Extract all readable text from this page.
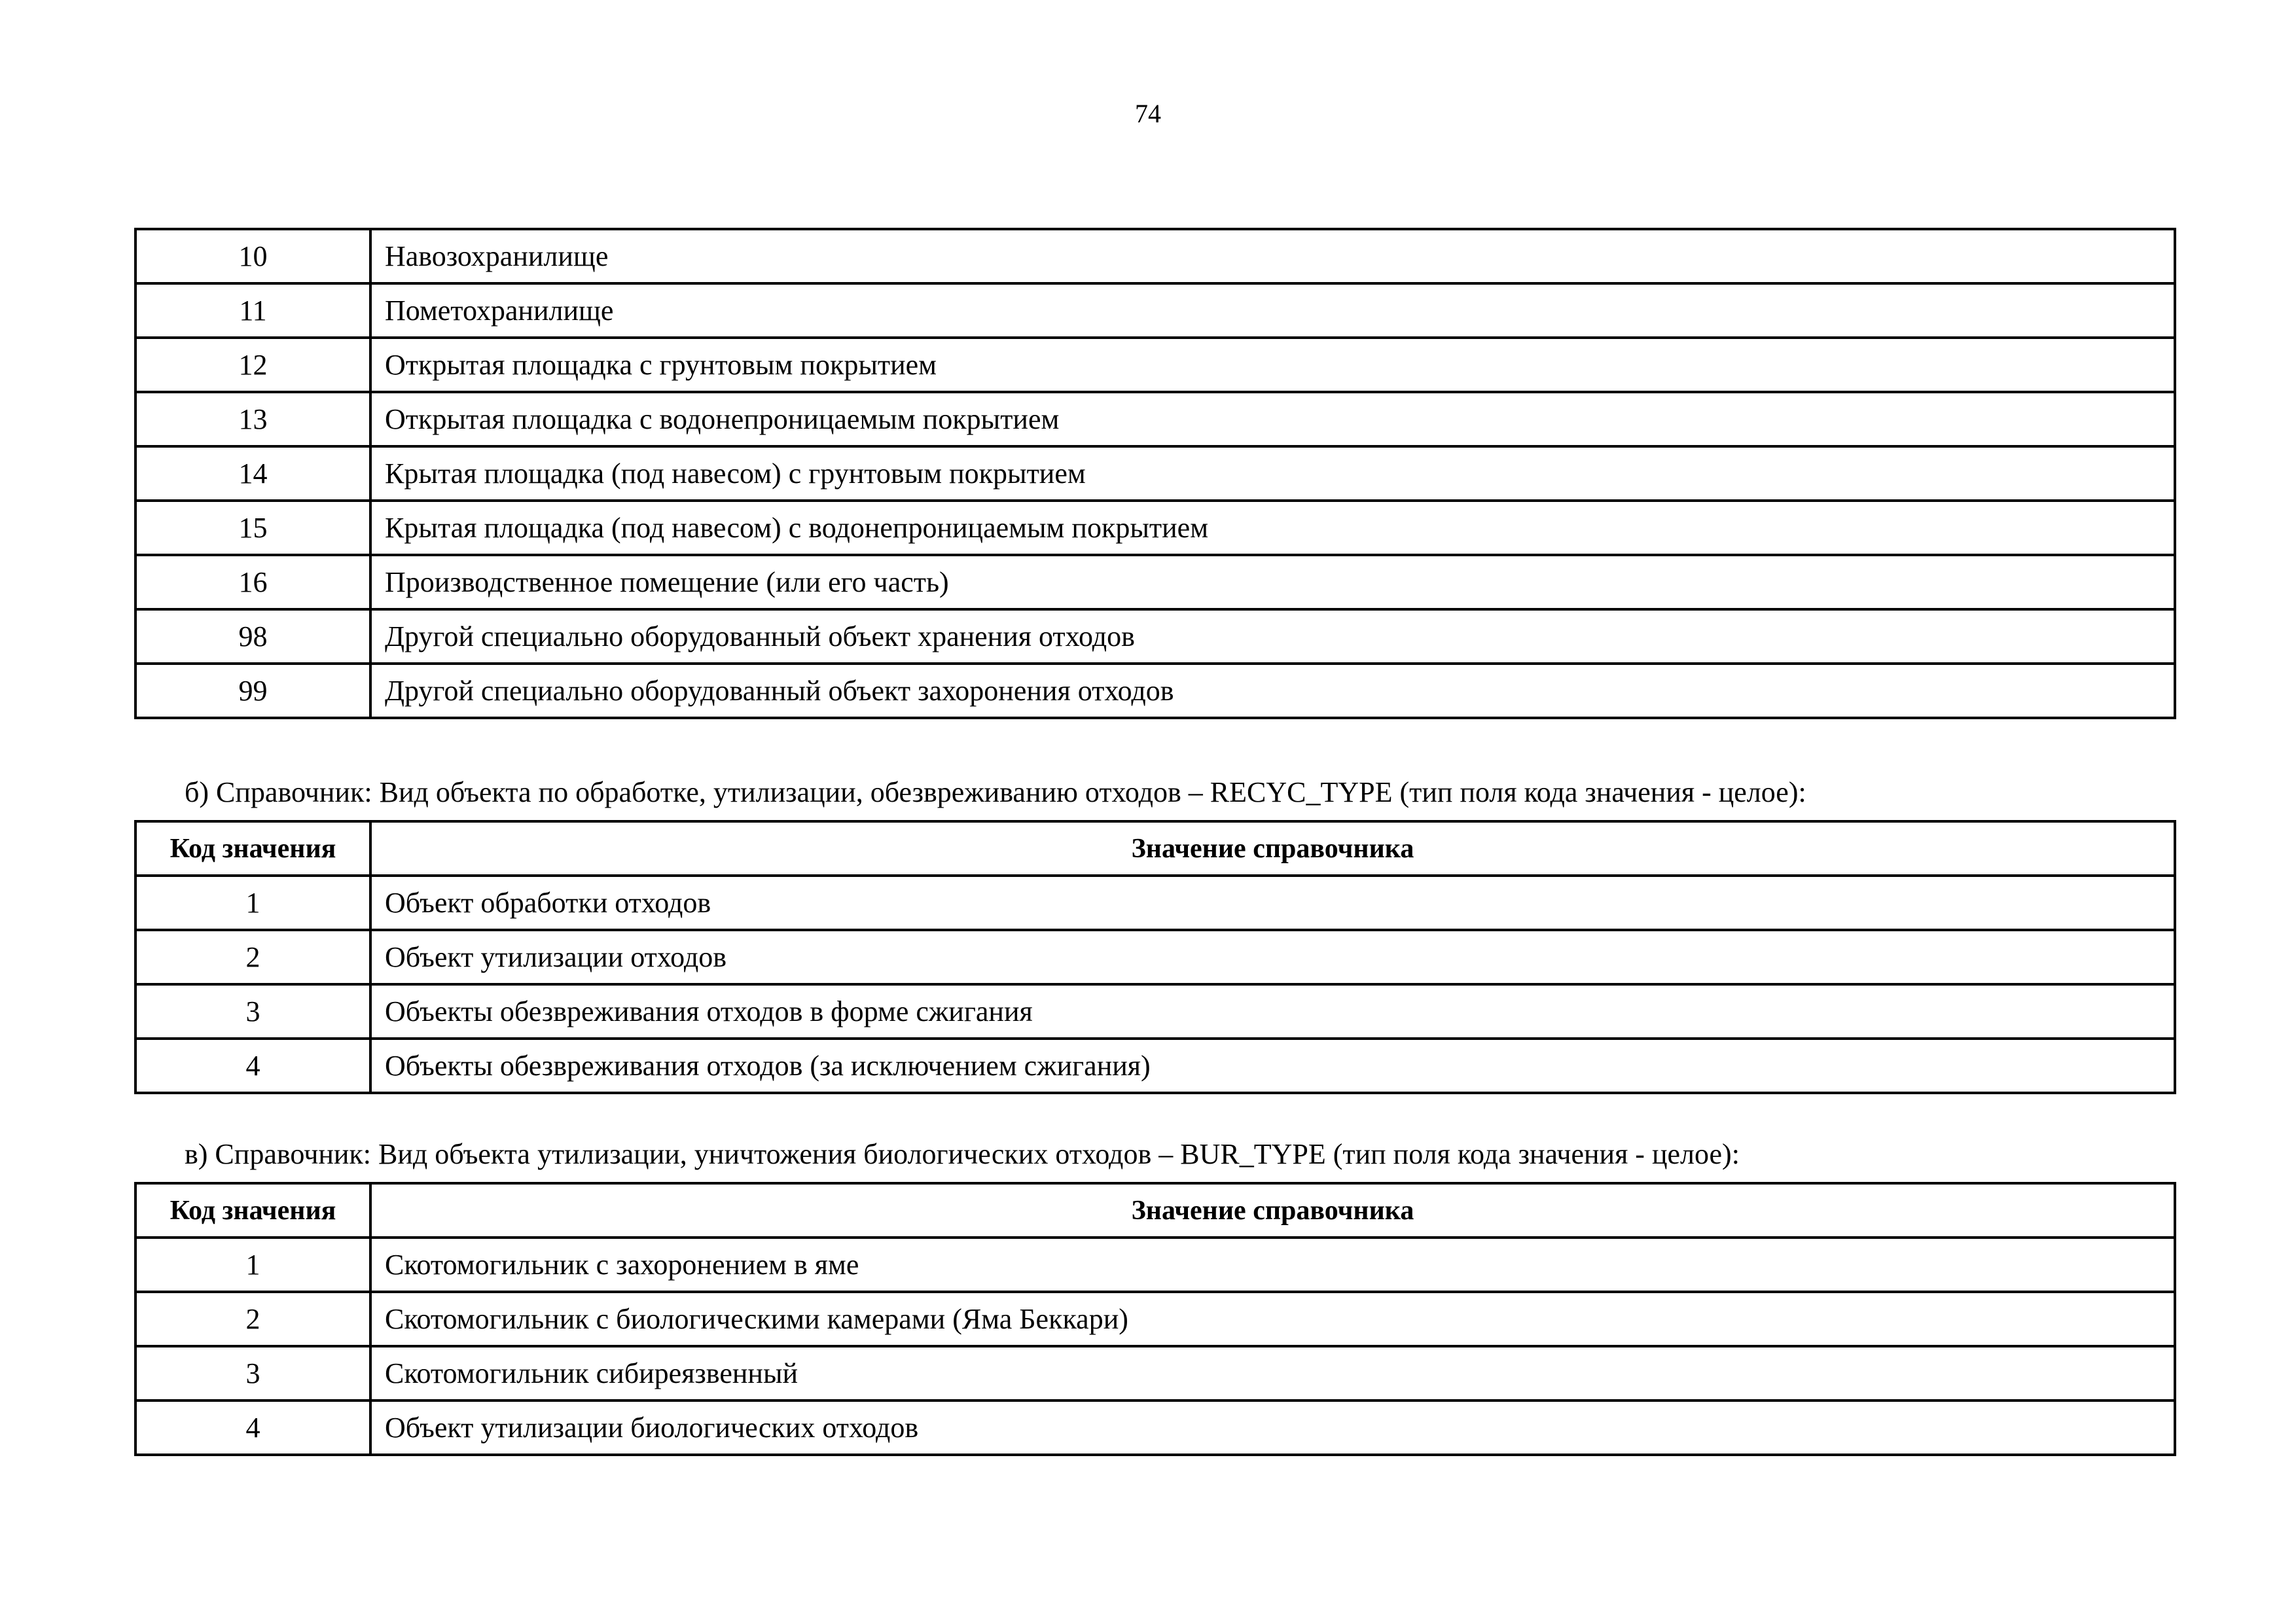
74
10	Навозохранилище
11	Пометохранилище
12	Открытая площадка с грунтовым покрытием
13	Открытая площадка с водонепроницаемым покрытием
14	Крытая площадка (под навесом) с грунтовым покрытием
15	Крытая площадка (под навесом) с водонепроницаемым покрытием
16	Производственное помещение (или его часть)
98	Другой специально оборудованный объект хранения отходов
99	Другой специально оборудованный объект захоронения отходов
б) Справочник: Вид объекта по обработке, утилизации, обезвреживанию отходов – RECYC_TYPE (тип поля кода значения - целое):
Код значения	Значение справочника
1	Объект обработки отходов
2	Объект утилизации отходов
3	Объекты обезвреживания отходов в форме сжигания
4	Объекты обезвреживания отходов (за исключением сжигания)
в) Справочник: Вид объекта утилизации, уничтожения биологических отходов – BUR_TYPE (тип поля кода значения - целое):
Код значения	Значение справочника
1	Скотомогильник с захоронением в яме
2	Скотомогильник с биологическими камерами (Яма Беккари)
3	Скотомогильник сибиреязвенный
4	Объект утилизации биологических отходов
